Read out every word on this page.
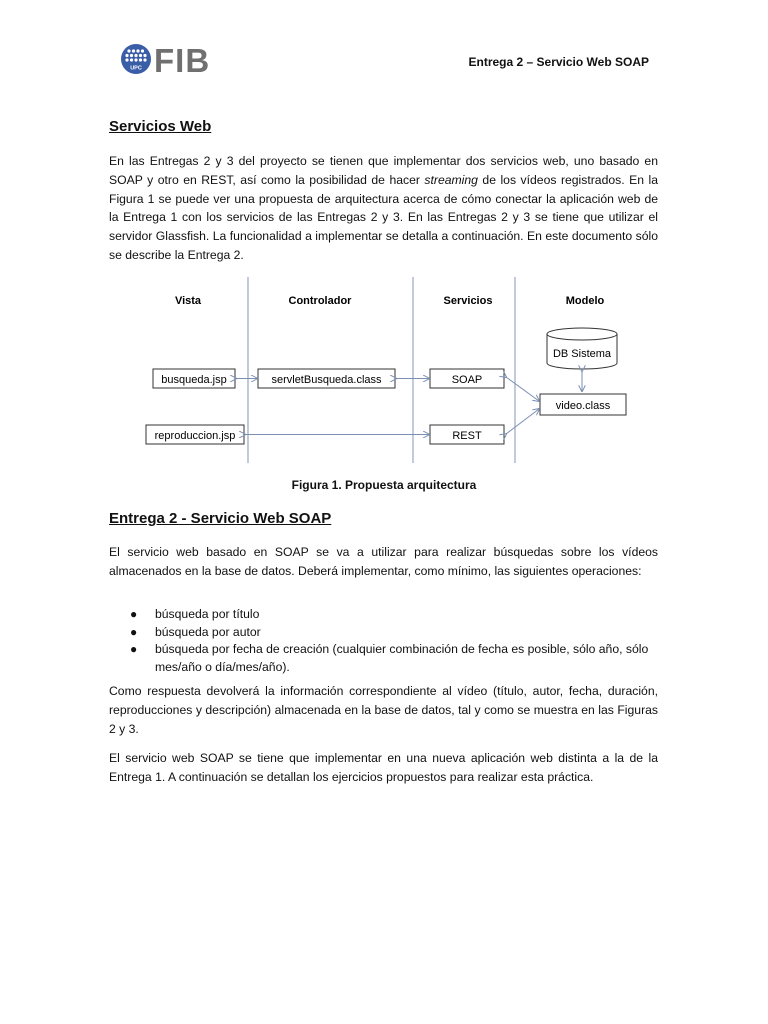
UPC FIB	Entrega 2 – Servicio Web SOAP
Servicios Web

En las Entregas 2 y 3 del proyecto se tienen que implementar dos servicios web, uno basado en SOAP y otro en REST, así como la posibilidad de hacer streaming de los vídeos registrados. En la Figura 1 se puede ver una propuesta de arquitectura acerca de cómo conectar la aplicación web de la Entrega 1 con los servicios de las Entregas 2 y 3. En las Entregas 2 y 3 se tiene que utilizar el servidor Glassfish. La funcionalidad a implementar se detalla a continuación. En este documento sólo se describe la Entrega 2.

Vista	Controlador	Servicios	Modelo
DB Sistema
busqueda.jsp	servletBusqueda.class	SOAP
video.class
reproduccion.jsp	REST
Figura 1. Propuesta arquitectura
Entrega 2 - Servicio Web SOAP

El servicio web basado en SOAP se va a utilizar para realizar búsquedas sobre los vídeos almacenados en la base de datos. Deberá implementar, como mínimo, las siguientes operaciones:

● búsqueda por título
● búsqueda por autor
● búsqueda por fecha de creación (cualquier combinación de fecha es posible, sólo año, sólo mes/año o día/mes/año).

Como respuesta devolverá la información correspondiente al vídeo (título, autor, fecha, duración, reproducciones y descripción) almacenada en la base de datos, tal y como se muestra en las Figuras 2 y 3.

El servicio web SOAP se tiene que implementar en una nueva aplicación web distinta a la de la Entrega 1. A continuación se detallan los ejercicios propuestos para realizar esta práctica.
